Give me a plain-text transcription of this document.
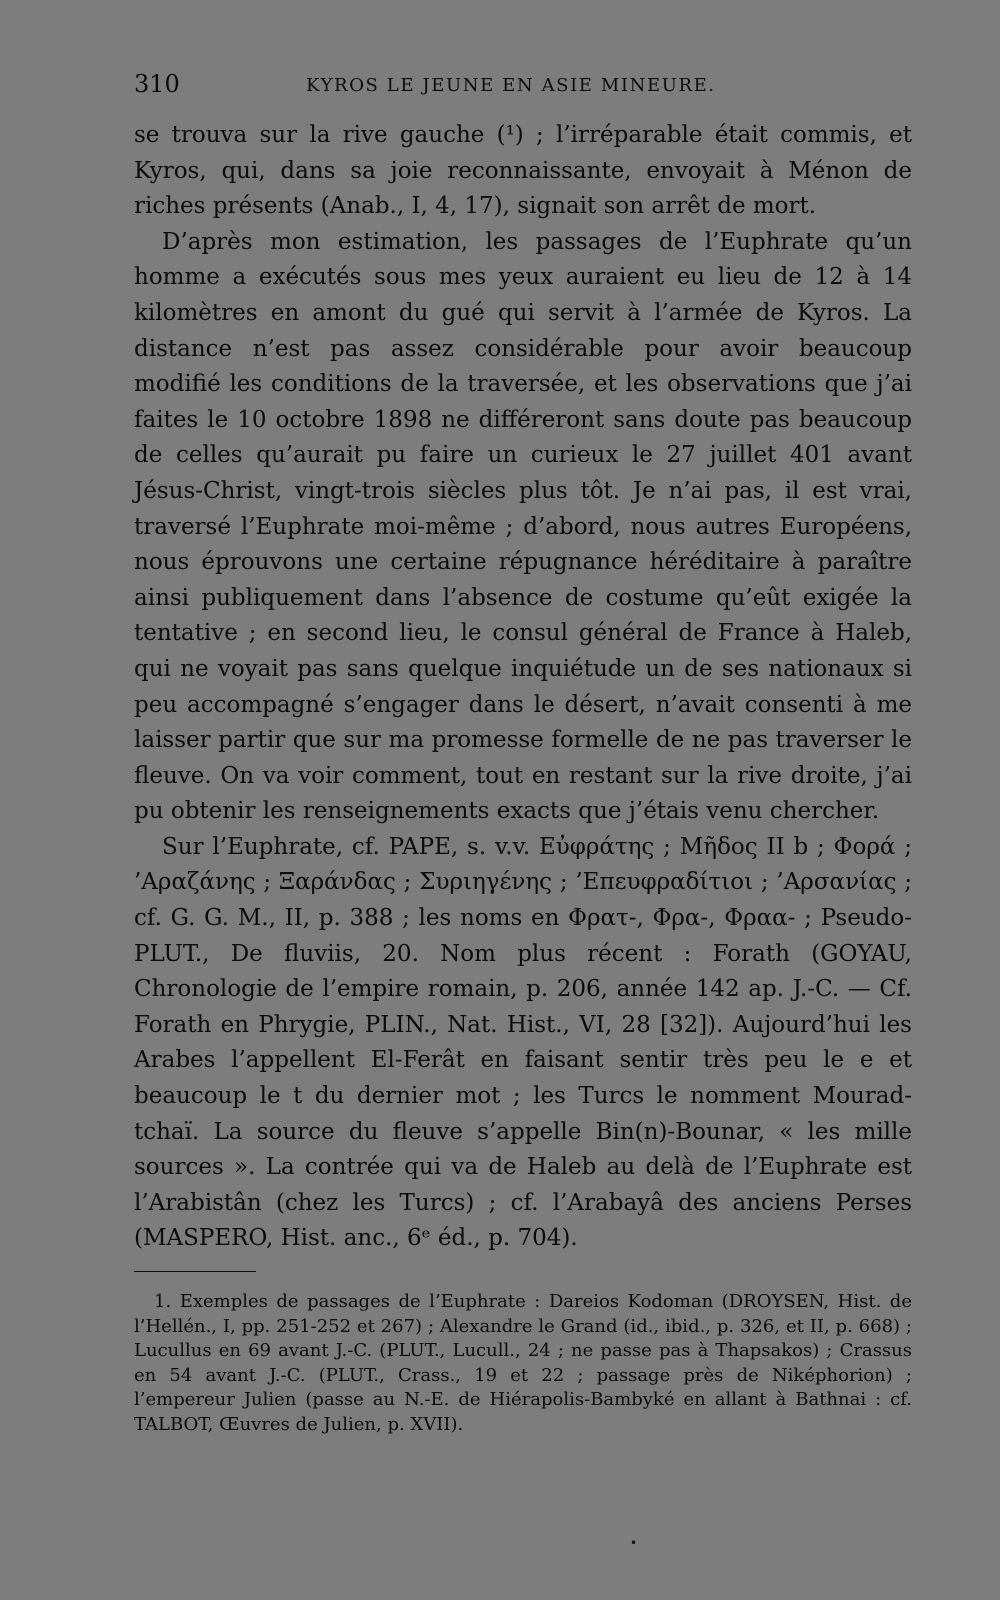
310	KYROS LE JEUNE EN ASIE MINEURE.

se trouva sur la rive gauche (¹) ; l’irréparable était commis, et Kyros, qui, dans sa joie reconnaissante, envoyait à Ménon de riches présents (Anab., I, 4, 17), signait son arrêt de mort.

D’après mon estimation, les passages de l’Euphrate qu’un homme a exécutés sous mes yeux auraient eu lieu de 12 à 14 kilomètres en amont du gué qui servit à l’armée de Kyros. La distance n’est pas assez considérable pour avoir beaucoup modifié les conditions de la traversée, et les observations que j’ai faites le 10 octobre 1898 ne différeront sans doute pas beaucoup de celles qu’aurait pu faire un curieux le 27 juillet 401 avant Jésus-Christ, vingt-trois siècles plus tôt. Je n’ai pas, il est vrai, traversé l’Euphrate moi-même ; d’abord, nous autres Européens, nous éprouvons une certaine répugnance héréditaire à paraître ainsi publiquement dans l’absence de costume qu’eût exigée la tentative ; en second lieu, le consul général de France à Haleb, qui ne voyait pas sans quelque inquiétude un de ses nationaux si peu accompagné s’engager dans le désert, n’avait consenti à me laisser partir que sur ma promesse formelle de ne pas traverser le fleuve. On va voir comment, tout en restant sur la rive droite, j’ai pu obtenir les renseignements exacts que j’étais venu chercher.

Sur l’Euphrate, cf. PAPE, s. v.v. Εὐφράτης ; Μῆδος II b ; Φορά ; ’Αραζάνης ; Ξαράνδας ; Συριηγένης ; ’Επευφραδίτιοι ; ’Αρσανίας ; cf. G. G. M., II, p. 388 ; les noms en Φρατ-, Φρα-, Φραα- ; Pseudo-PLUT., De fluviis, 20. Nom plus récent : Forath (GOYAU, Chronologie de l’empire romain, p. 206, année 142 ap. J.-C. — Cf. Forath en Phrygie, PLIN., Nat. Hist., VI, 28 [32]). Aujourd’hui les Arabes l’appellent El-Ferât en faisant sentir très peu le e et beaucoup le t du dernier mot ; les Turcs le nomment Mourad-tchaï. La source du fleuve s’appelle Bin(n)-Bounar, « les mille sources ». La contrée qui va de Haleb au delà de l’Euphrate est l’Arabistân (chez les Turcs) ; cf. l’Arabayâ des anciens Perses (MASPERO, Hist. anc., 6ᵉ éd., p. 704).

1. Exemples de passages de l’Euphrate : Dareios Kodoman (DROYSEN, Hist. de l’Hellén., I, pp. 251-252 et 267) ; Alexandre le Grand (id., ibid., p. 326, et II, p. 668) ; Lucullus en 69 avant J.-C. (PLUT., Lucull., 24 ; ne passe pas à Thapsakos) ; Crassus en 54 avant J.-C. (PLUT., Crass., 19 et 22 ; passage près de Niképhorion) ; l’empereur Julien (passe au N.-E. de Hiérapolis-Bambyké en allant à Bathnai : cf. TALBOT, Œuvres de Julien, p. XVII).

•
